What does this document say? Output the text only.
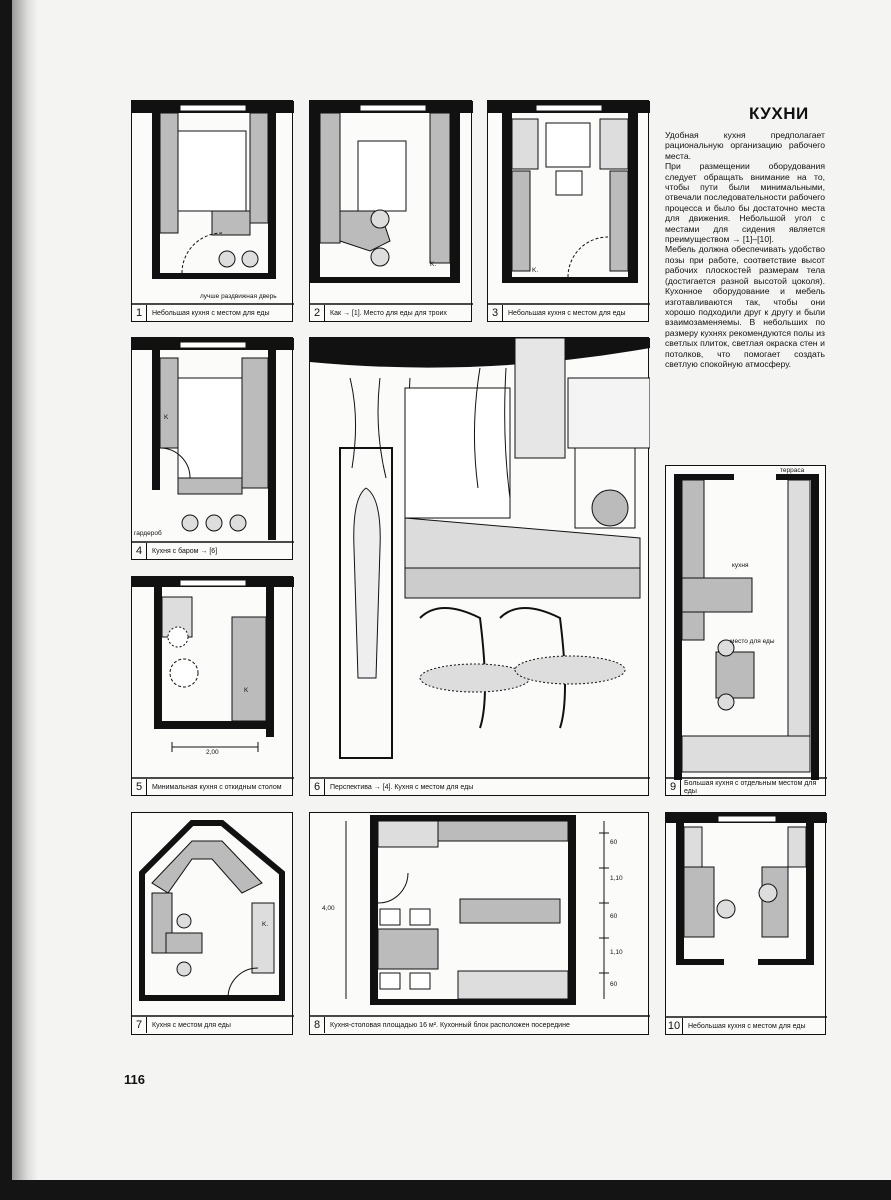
лучше раздвижная дверь
1	Небольшая кухня с местом для еды
K.
2	Как → [1]. Место для еды для троих
K.
3	Небольшая кухня с местом для еды
K
гардероб
4	Кухня с баром → [6]
K
2,00
5	Минимальная кухня с откидным столом	6	Перспектива → [4]. Кухня с местом для еды
КУХНИ

Удобная кухня предполагает рациональную организацию рабочего места.

При размещении оборудования следует обращать внимание на то, чтобы пути были минимальными, отвечали последовательности рабочего процесса и было бы достаточно места для движения. Небольшой угол с местами для сидения является преимуществом → [1]–[10].

Мебель должна обеспечивать удобство позы при работе, соответствие высот рабочих плоскостей размерам тела (достигается разной высотой цоколя). Кухонное оборудование и мебель изготавливаются так, чтобы они хорошо подходили друг к другу и были взаимозаменяемы. В небольших по размеру кухнях рекомендуются полы из светлых плиток, светлая окраска стен и потолков, что помогает создать светлую спокойную атмосферу.

терраса
кухня
место для еды
9	Большая кухня с отдельным местом для еды
K.
7	Кухня с местом для еды
4,00
60
1,10
60
1,10
60
8	Кухня-столовая площадью 16 м². Кухонный блок расположен посередине	10	Небольшая кухня с местом для еды
116
